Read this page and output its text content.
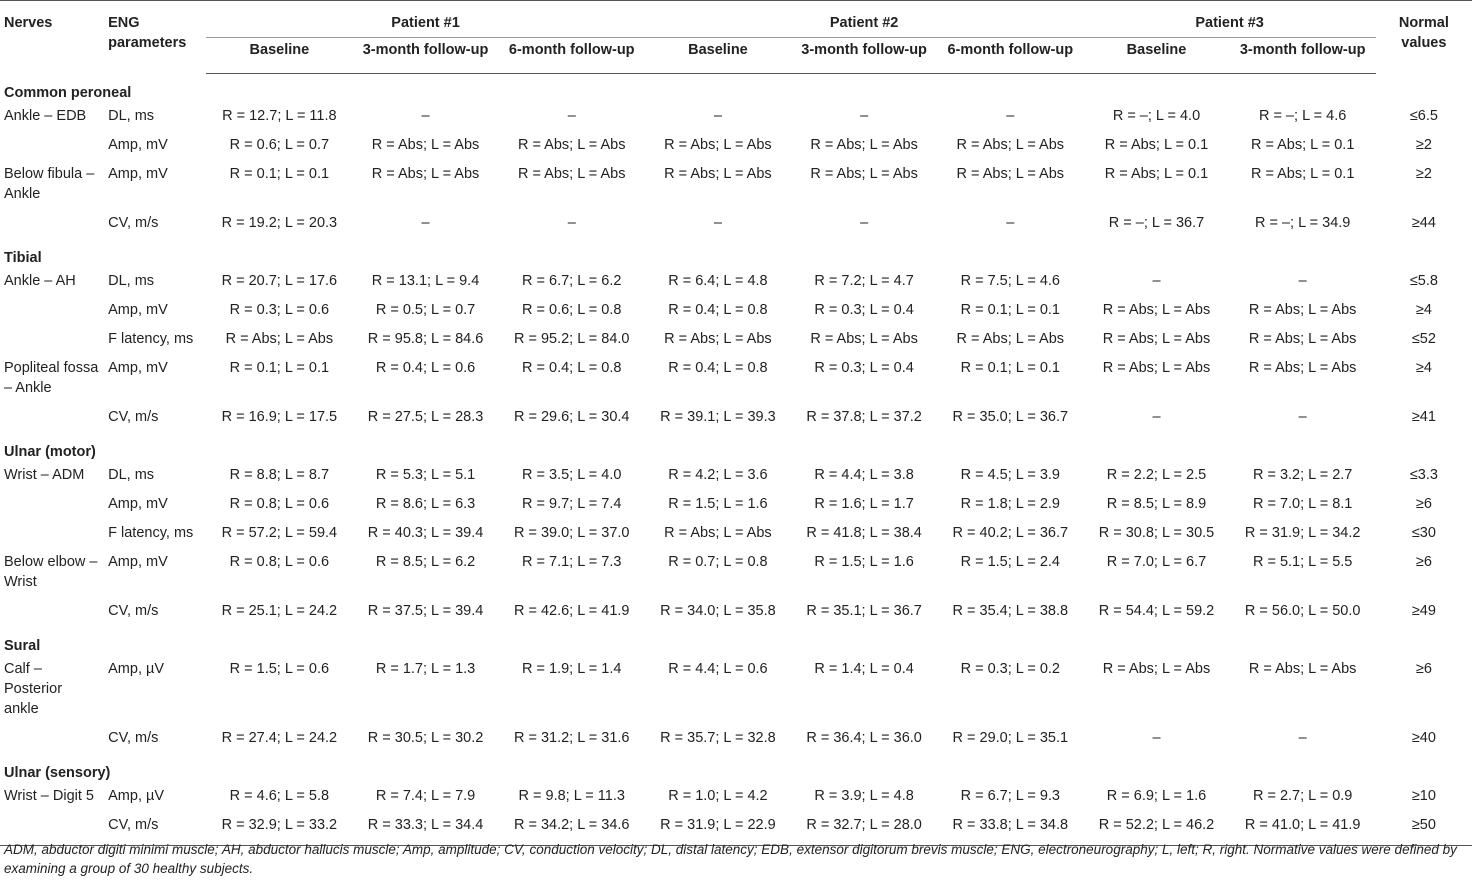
Nerves	ENG parameters	Patient #1			Patient #2			Patient #3		Normal values
		Baseline	3-month follow-up	6-month follow-up	Baseline	3-month follow-up	6-month follow-up	Baseline	3-month follow-up	
Common peroneal										
Ankle – EDB	DL, ms	R = 12.7; L = 11.8	–	–	–	–	–	R = –; L = 4.0	R = –; L = 4.6	≤6.5
	Amp, mV	R = 0.6; L = 0.7	R = Abs; L = Abs	R = Abs; L = Abs	R = Abs; L = Abs	R = Abs; L = Abs	R = Abs; L = Abs	R = Abs; L = 0.1	R = Abs; L = 0.1	≥2
Below fibula – Ankle	Amp, mV	R = 0.1; L = 0.1	R = Abs; L = Abs	R = Abs; L = Abs	R = Abs; L = Abs	R = Abs; L = Abs	R = Abs; L = Abs	R = Abs; L = 0.1	R = Abs; L = 0.1	≥2
	CV, m/s	R = 19.2; L = 20.3	–	–	–	–	–	R = –; L = 36.7	R = –; L = 34.9	≥44
Tibial										
Ankle – AH	DL, ms	R = 20.7; L = 17.6	R = 13.1; L = 9.4	R = 6.7; L = 6.2	R = 6.4; L = 4.8	R = 7.2; L = 4.7	R = 7.5; L = 4.6	–	–	≤5.8
	Amp, mV	R = 0.3; L = 0.6	R = 0.5; L = 0.7	R = 0.6; L = 0.8	R = 0.4; L = 0.8	R = 0.3; L = 0.4	R = 0.1; L = 0.1	R = Abs; L = Abs	R = Abs; L = Abs	≥4
	F latency, ms	R = Abs; L = Abs	R = 95.8; L = 84.6	R = 95.2; L = 84.0	R = Abs; L = Abs	R = Abs; L = Abs	R = Abs; L = Abs	R = Abs; L = Abs	R = Abs; L = Abs	≤52
Popliteal fossa – Ankle	Amp, mV	R = 0.1; L = 0.1	R = 0.4; L = 0.6	R = 0.4; L = 0.8	R = 0.4; L = 0.8	R = 0.3; L = 0.4	R = 0.1; L = 0.1	R = Abs; L = Abs	R = Abs; L = Abs	≥4
	CV, m/s	R = 16.9; L = 17.5	R = 27.5; L = 28.3	R = 29.6; L = 30.4	R = 39.1; L = 39.3	R = 37.8; L = 37.2	R = 35.0; L = 36.7	–	–	≥41
Ulnar (motor)										
Wrist – ADM	DL, ms	R = 8.8; L = 8.7	R = 5.3; L = 5.1	R = 3.5; L = 4.0	R = 4.2; L = 3.6	R = 4.4; L = 3.8	R = 4.5; L = 3.9	R = 2.2; L = 2.5	R = 3.2; L = 2.7	≤3.3
	Amp, mV	R = 0.8; L = 0.6	R = 8.6; L = 6.3	R = 9.7; L = 7.4	R = 1.5; L = 1.6	R = 1.6; L = 1.7	R = 1.8; L = 2.9	R = 8.5; L = 8.9	R = 7.0; L = 8.1	≥6
	F latency, ms	R = 57.2; L = 59.4	R = 40.3; L = 39.4	R = 39.0; L = 37.0	R = Abs; L = Abs	R = 41.8; L = 38.4	R = 40.2; L = 36.7	R = 30.8; L = 30.5	R = 31.9; L = 34.2	≤30
Below elbow – Wrist	Amp, mV	R = 0.8; L = 0.6	R = 8.5; L = 6.2	R = 7.1; L = 7.3	R = 0.7; L = 0.8	R = 1.5; L = 1.6	R = 1.5; L = 2.4	R = 7.0; L = 6.7	R = 5.1; L = 5.5	≥6
	CV, m/s	R = 25.1; L = 24.2	R = 37.5; L = 39.4	R = 42.6; L = 41.9	R = 34.0; L = 35.8	R = 35.1; L = 36.7	R = 35.4; L = 38.8	R = 54.4; L = 59.2	R = 56.0; L = 50.0	≥49
Sural										
Calf – Posterior ankle	Amp, µV	R = 1.5; L = 0.6	R = 1.7; L = 1.3	R = 1.9; L = 1.4	R = 4.4; L = 0.6	R = 1.4; L = 0.4	R = 0.3; L = 0.2	R = Abs; L = Abs	R = Abs; L = Abs	≥6
	CV, m/s	R = 27.4; L = 24.2	R = 30.5; L = 30.2	R = 31.2; L = 31.6	R = 35.7; L = 32.8	R = 36.4; L = 36.0	R = 29.0; L = 35.1	–	–	≥40
Ulnar (sensory)										
Wrist – Digit 5	Amp, µV	R = 4.6; L = 5.8	R = 7.4; L = 7.9	R = 9.8; L = 11.3	R = 1.0; L = 4.2	R = 3.9; L = 4.8	R = 6.7; L = 9.3	R = 6.9; L = 1.6	R = 2.7; L = 0.9	≥10
	CV, m/s	R = 32.9; L = 33.2	R = 33.3; L = 34.4	R = 34.2; L = 34.6	R = 31.9; L = 22.9	R = 32.7; L = 28.0	R = 33.8; L = 34.8	R = 52.2; L = 46.2	R = 41.0; L = 41.9	≥50
ADM, abductor digiti minimi muscle; AH, abductor hallucis muscle; Amp, amplitude; CV, conduction velocity; DL, distal latency; EDB, extensor digitorum brevis muscle; ENG, electroneurography; L, left; R, right. Normative values were defined by examining a group of 30 healthy subjects.
